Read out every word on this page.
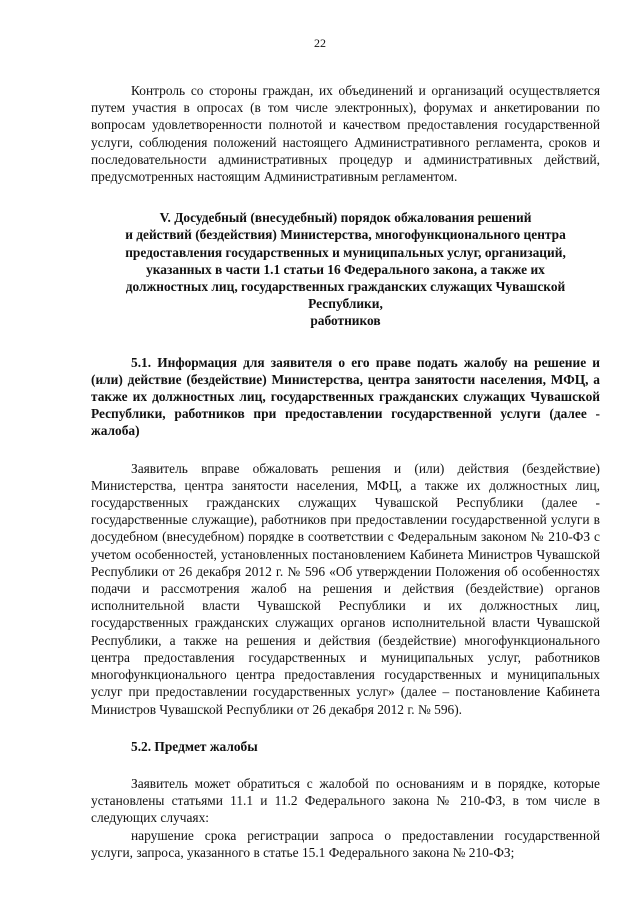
22

Контроль со стороны граждан, их объединений и организаций осуществляется путем участия в опросах (в том числе электронных), форумах и анкетировании по вопросам удовлетворенности полнотой и качеством предоставления государственной услуги, соблюдения положений настоящего Административного регламента, сроков и последовательности административных процедур и административных действий, предусмотренных настоящим Административным регламентом.

V. Досудебный (внесудебный) порядок обжалования решений
и действий (бездействия) Министерства, многофункционального центра
предоставления государственных и муниципальных услуг, организаций,
указанных в части 1.1 статьи 16 Федерального закона, а также их
должностных лиц, государственных гражданских служащих Чувашской
Республики,
работников

5.1. Информация для заявителя о его праве подать жалобу на решение и (или) действие (бездействие) Министерства, центра занятости населения, МФЦ, а также их должностных лиц, государственных гражданских служащих Чувашской Республики, работников при предоставлении государственной услуги (далее - жалоба)

Заявитель вправе обжаловать решения и (или) действия (бездействие) Министерства, центра занятости населения, МФЦ, а также их должностных лиц, государственных гражданских служащих Чувашской Республики (далее - государственные служащие), работников при предоставлении государственной услуги в досудебном (внесудебном) порядке в соответствии с Федеральным законом № 210-ФЗ с учетом особенностей, установленных постановлением Кабинета Министров Чувашской Республики от 26 декабря 2012 г. № 596 «Об утверждении Положения об особенностях подачи и рассмотрения жалоб на решения и действия (бездействие) органов исполнительной власти Чувашской Республики и их должностных лиц, государственных гражданских служащих органов исполнительной власти Чувашской Республики, а также на решения и действия (бездействие) многофункционального центра предоставления государственных и муниципальных услуг, работников многофункционального центра предоставления государственных и муниципальных услуг при предоставлении государственных услуг» (далее – постановление Кабинета Министров Чувашской Республики от 26 декабря 2012 г. № 596).

5.2. Предмет жалобы

Заявитель может обратиться с жалобой по основаниям и в порядке, которые установлены статьями 11.1 и 11.2 Федерального закона № 210-ФЗ, в том числе в следующих случаях:

нарушение срока регистрации запроса о предоставлении государственной услуги, запроса, указанного в статье 15.1 Федерального закона № 210-ФЗ;
